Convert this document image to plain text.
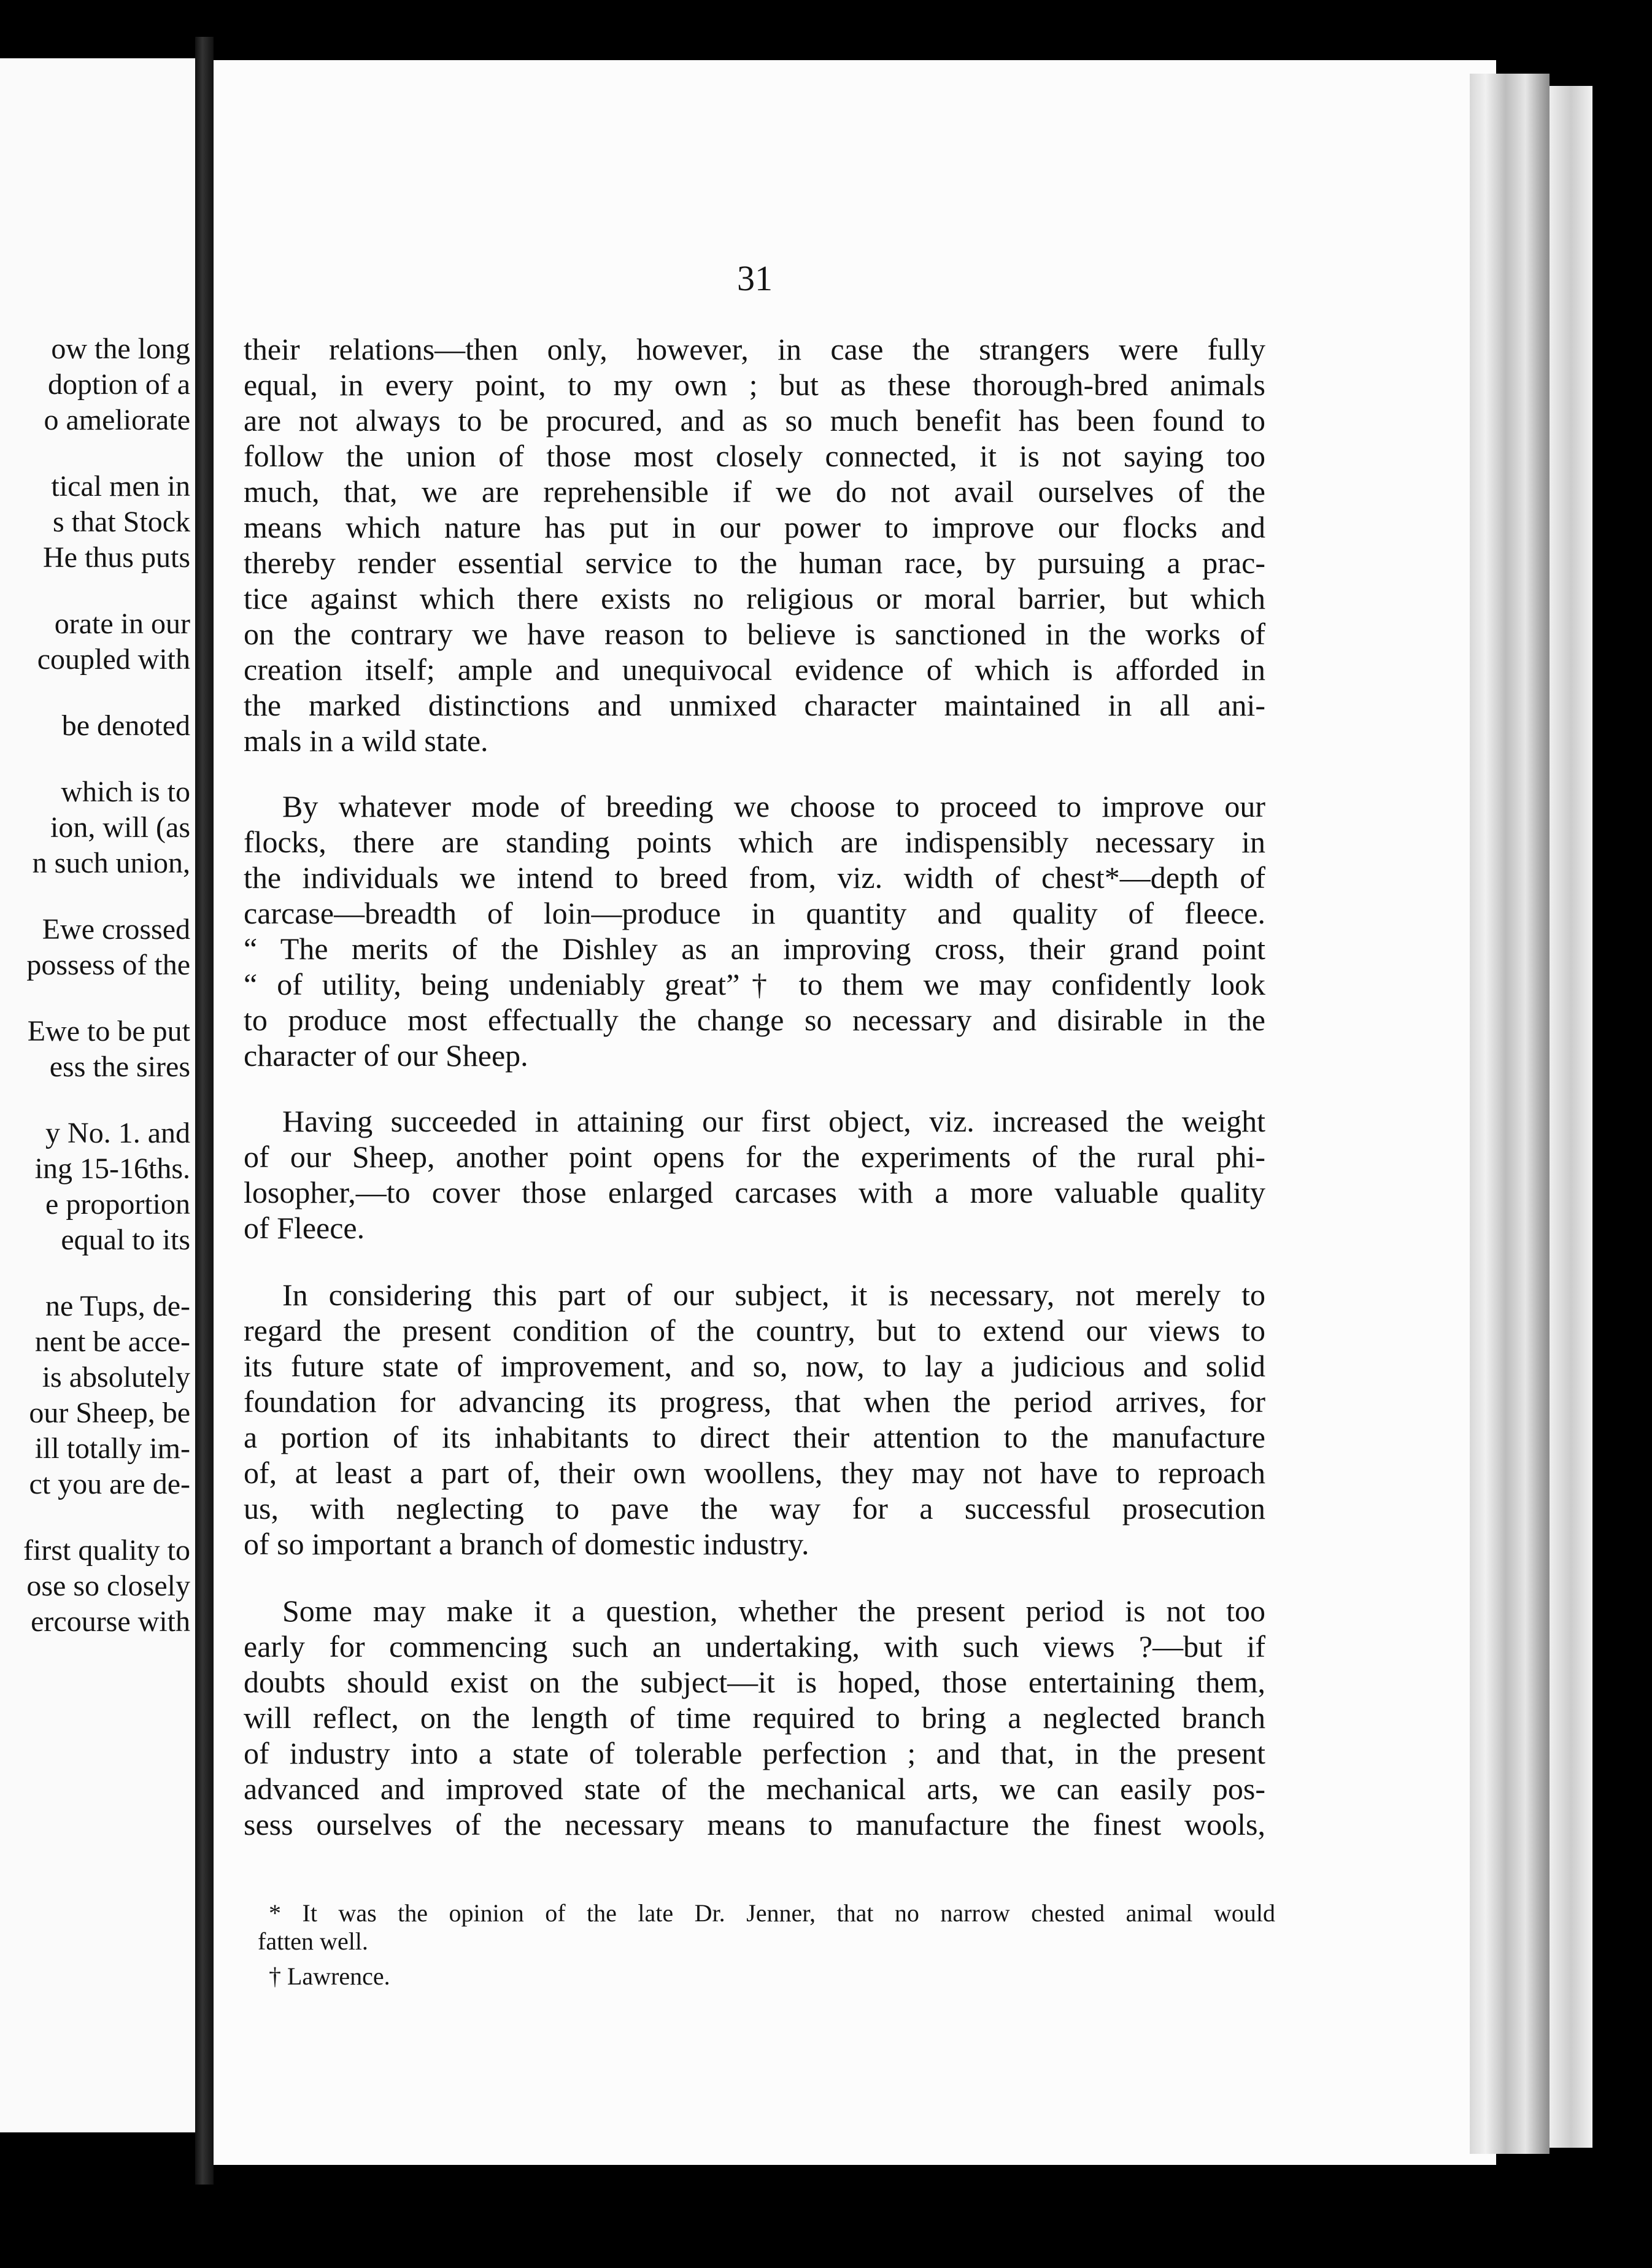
ow the long
doption of a
o ameliorate
tical men in
s that Stock
He thus puts
orate in our
coupled with
be denoted
which is to
ion, will (as
n such union,
Ewe crossed
possess of the
Ewe to be put
ess the sires
y No. 1. and
ing 15-16ths.
e proportion
equal to its
ne Tups, de-
nent be acce-
is absolutely
our Sheep, be
ill totally im-
ct you are de-
first quality to
ose so closely
ercourse with
31
their relations—then only, however, in case the strangers were fully
equal, in every point, to my own ; but as these thorough-bred animals
are not always to be procured, and as so much benefit has been found to
follow the union of those most closely connected, it is not saying too
much, that, we are reprehensible if we do not avail ourselves of the
means which nature has put in our power to improve our flocks and
thereby render essential service to the human race, by pursuing a prac-
tice against which there exists no religious or moral barrier, but which
on the contrary we have reason to believe is sanctioned in the works of
creation itself; ample and unequivocal evidence of which is afforded in
the marked distinctions and unmixed character maintained in all ani-
mals in a wild state.
By whatever mode of breeding we choose to proceed to improve our
flocks, there are standing points which are indispensibly necessary in
the individuals we intend to breed from, viz. width of chest*—depth of
carcase—breadth of loin—produce in quantity and quality of fleece.
“ The merits of the Dishley as an improving cross, their grand point
“ of utility, being undeniably great”† to them we may confidently look
to produce most effectually the change so necessary and disirable in the
character of our Sheep.
Having succeeded in attaining our first object, viz. increased the weight
of our Sheep, another point opens for the experiments of the rural phi-
losopher,—to cover those enlarged carcases with a more valuable quality
of Fleece.
In considering this part of our subject, it is necessary, not merely to
regard the present condition of the country, but to extend our views to
its future state of improvement, and so, now, to lay a judicious and solid
foundation for advancing its progress, that when the period arrives, for
a portion of its inhabitants to direct their attention to the manufacture
of, at least a part of, their own woollens, they may not have to reproach
us, with neglecting to pave the way for a successful prosecution
of so important a branch of domestic industry.
Some may make it a question, whether the present period is not too
early for commencing such an undertaking, with such views ?—but if
doubts should exist on the subject—it is hoped, those entertaining them,
will reflect, on the length of time required to bring a neglected branch
of industry into a state of tolerable perfection ; and that, in the present
advanced and improved state of the mechanical arts, we can easily pos-
sess ourselves of the necessary means to manufacture the finest wools,
* It was the opinion of the late Dr. Jenner, that no narrow chested animal would
fatten well.
† Lawrence.
